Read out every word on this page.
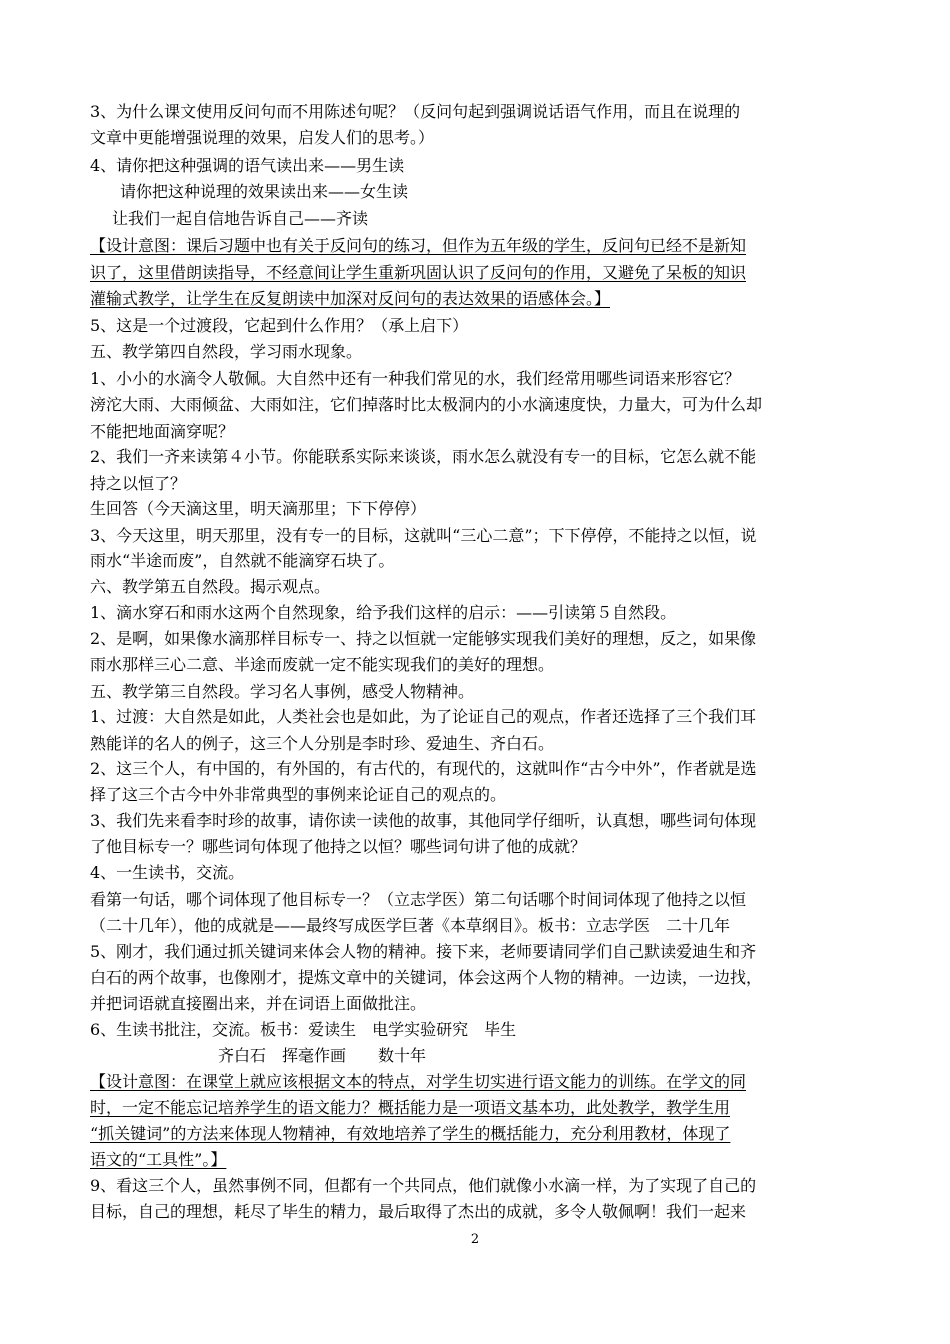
3、为什么课文使用反问句而不用陈述句呢？（反问句起到强调说话语气作用，而且在说理的
文章中更能增强说理的效果，启发人们的思考。）
4、请你把这种强调的语气读出来——男生读
请你把这种说理的效果读出来——女生读
让我们一起自信地告诉自己——齐读
【设计意图：课后习题中也有关于反问句的练习，但作为五年级的学生，反问句已经不是新知
识了，这里借朗读指导，不经意间让学生重新巩固认识了反问句的作用，又避免了呆板的知识
灌输式教学，让学生在反复朗读中加深对反问句的表达效果的语感体会。】
5、这是一个过渡段，它起到什么作用？（承上启下）
五、教学第四自然段，学习雨水现象。
1、小小的水滴令人敬佩。大自然中还有一种我们常见的水，我们经常用哪些词语来形容它？
滂沱大雨、大雨倾盆、大雨如注，它们掉落时比太极洞内的小水滴速度快，力量大，可为什么却
不能把地面滴穿呢？
2、我们一齐来读第４小节。你能联系实际来谈谈，雨水怎么就没有专一的目标，它怎么就不能
持之以恒了？
生回答（今天滴这里，明天滴那里；下下停停）
3、今天这里，明天那里，没有专一的目标，这就叫“三心二意”；下下停停，不能持之以恒，说
雨水“半途而废”，自然就不能滴穿石块了。
六、教学第五自然段。揭示观点。
1、滴水穿石和雨水这两个自然现象，给予我们这样的启示：——引读第５自然段。
2、是啊，如果像水滴那样目标专一、持之以恒就一定能够实现我们美好的理想，反之，如果像
雨水那样三心二意、半途而废就一定不能实现我们的美好的理想。
五、教学第三自然段。学习名人事例，感受人物精神。
1、过渡：大自然是如此，人类社会也是如此，为了论证自己的观点，作者还选择了三个我们耳
熟能详的名人的例子，这三个人分别是李时珍、爱迪生、齐白石。
2、这三个人，有中国的，有外国的，有古代的，有现代的，这就叫作“古今中外”，作者就是选
择了这三个古今中外非常典型的事例来论证自己的观点的。
3、我们先来看李时珍的故事，请你读一读他的故事，其他同学仔细听，认真想，哪些词句体现
了他目标专一？哪些词句体现了他持之以恒？哪些词句讲了他的成就？
4、一生读书，交流。
看第一句话，哪个词体现了他目标专一？（立志学医）第二句话哪个时间词体现了他持之以恒
（二十几年），他的成就是——最终写成医学巨著《本草纲目》。板书：立志学医　二十几年
5、刚才，我们通过抓关键词来体会人物的精神。接下来，老师要请同学们自己默读爱迪生和齐
白石的两个故事，也像刚才，提炼文章中的关键词，体会这两个人物的精神。一边读，一边找，
并把词语就直接圈出来，并在词语上面做批注。
6、生读书批注，交流。板书：爱读生　电学实验研究　毕生
齐白石　挥毫作画　　数十年
【设计意图：在课堂上就应该根据文本的特点，对学生切实进行语文能力的训练。在学文的同
时，一定不能忘记培养学生的语文能力？概括能力是一项语文基本功，此处教学，教学生用
“抓关键词”的方法来体现人物精神，有效地培养了学生的概括能力，充分利用教材，体现了
语文的“工具性”。】
9、看这三个人，虽然事例不同，但都有一个共同点，他们就像小水滴一样，为了实现了自己的
目标，自己的理想，耗尽了毕生的精力，最后取得了杰出的成就，多令人敬佩啊！我们一起来
2
